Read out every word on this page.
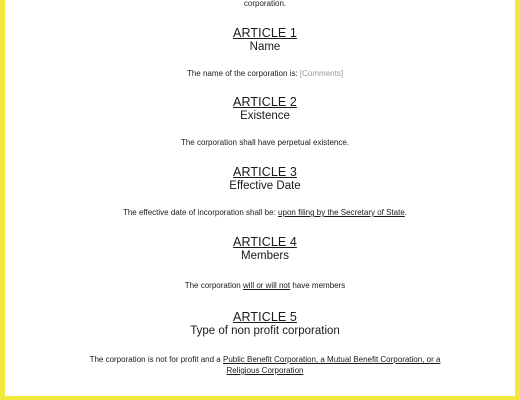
corporation.
ARTICLE 1
Name
The name of the corporation is: [Comments]
ARTICLE 2
Existence
The corporation shall have perpetual existence.
ARTICLE 3
Effective Date
The effective date of incorporation shall be: upon filing by the Secretary of State.
ARTICLE 4
Members
The corporation will or will not have members
ARTICLE 5
Type of non profit corporation
The corporation is not for profit and a Public Benefit Corporation, a Mutual Benefit Corporation, or a
Religious Corporation
